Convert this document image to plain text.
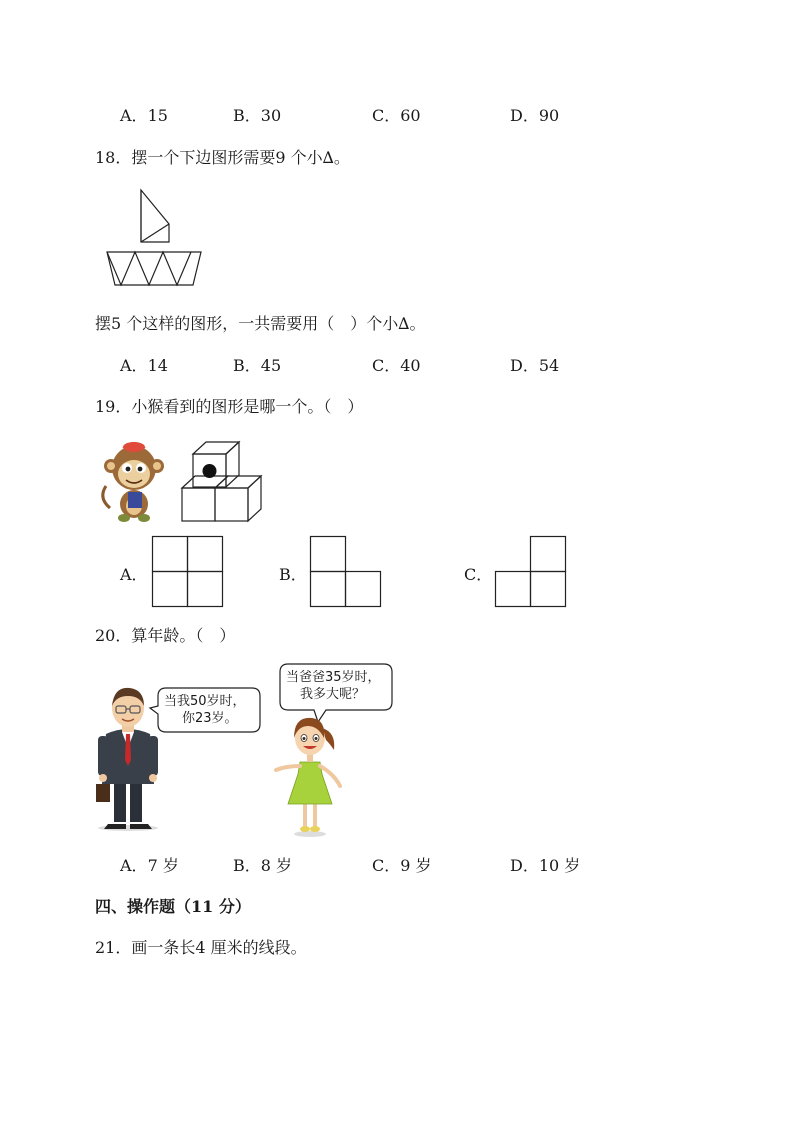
A．15	B．30	C．60	D．90
18．摆一个下边图形需要9 个小∆。
摆5 个这样的图形，一共需要用（　）个小∆。
A．14	B．45	C．40	D．54
19．小猴看到的图形是哪一个。（　）
A．	B．	C．
20．算年龄。（　）
当我50岁时，
你23岁。
当爸爸35岁时，
我多大呢？
A．7 岁	B．8 岁	C．9 岁	D．10 岁
四、操作题（11 分）
21．画一条长4 厘米的线段。
